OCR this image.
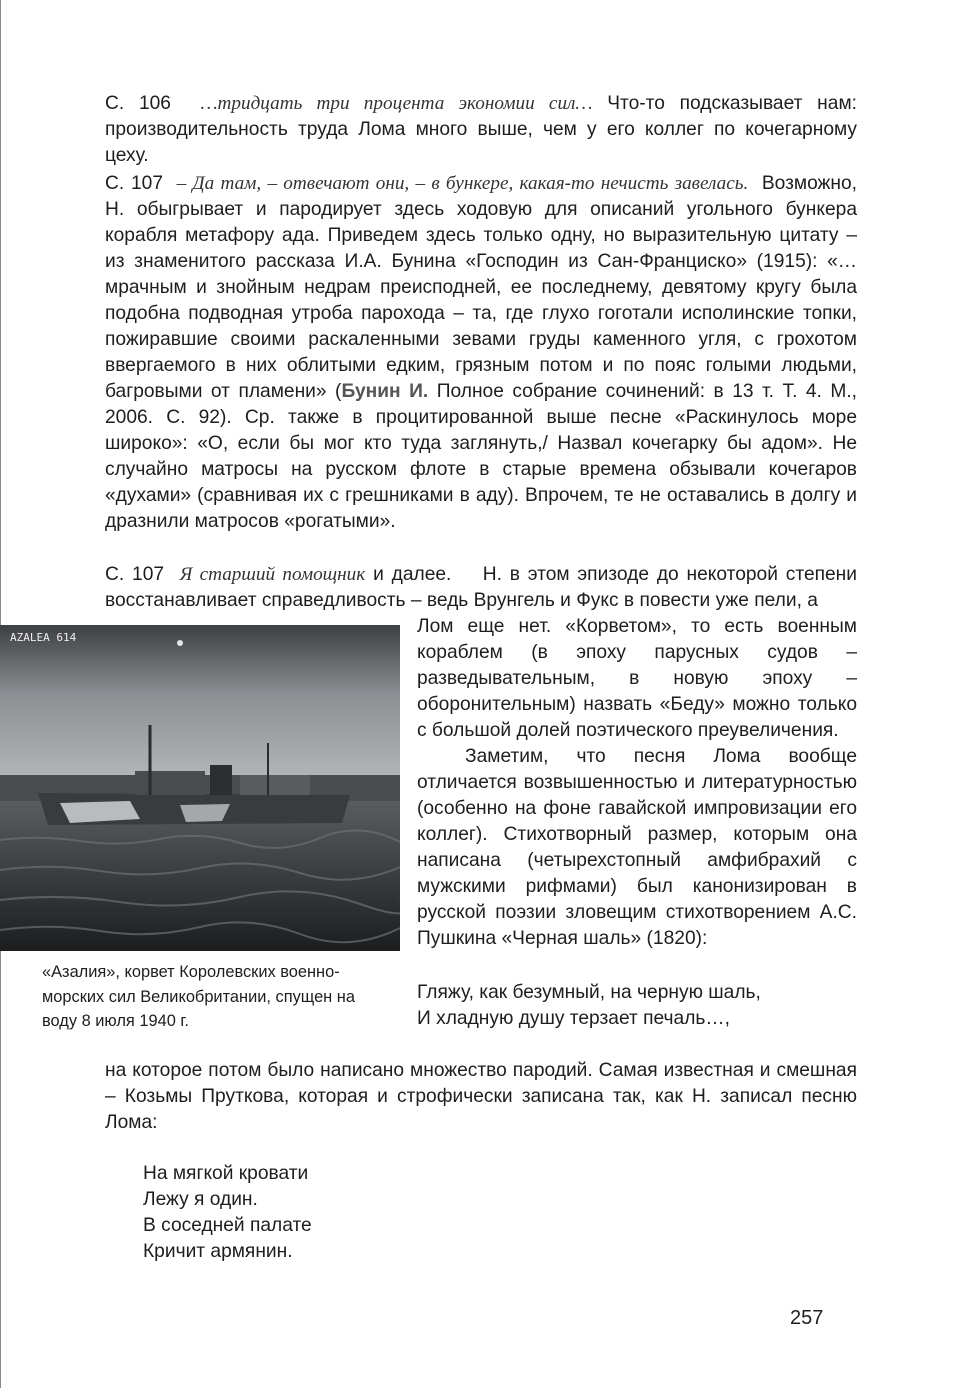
С. 106 …тридцать три процента экономии сил… Что-то подсказывает нам: производительность труда Лома много выше, чем у его коллег по кочегарному цеху.

С. 107 – Да там, – отвечают они, – в бункере, какая-то нечисть завелась. Возможно, Н. обыгрывает и пародирует здесь ходовую для описаний угольного бункера корабля метафору ада. Приведем здесь только одну, но выразительную цитату – из знаменитого рассказа И.А. Бунина «Господин из Сан-Франциско» (1915): «…мрачным и знойным недрам преисподней, ее последнему, девятому кругу была подобна подводная утроба парохода – та, где глухо гоготали исполинские топки, пожиравшие своими раскаленными зевами груды каменного угля, с грохотом ввергаемого в них облитыми едким, грязным потом и по пояс голыми людьми, багровыми от пламени» (Бунин И. Полное собрание сочинений: в 13 т. Т. 4. М., 2006. С. 92). Ср. также в процитированной выше песне «Раскинулось море широко»: «О, если бы мог кто туда заглянуть,/ Назвал кочегарку бы адом». Не случайно матросы на русском флоте в старые времена обзывали кочегаров «духами» (сравнивая их с грешниками в аду). Впрочем, те не оставались в долгу и дразнили матросов «рогатыми».

С. 107 Я старший помощник и далее. Н. в этом эпизоде до некоторой степени восстанавливает справедливость – ведь Врунгель и Фукс в повести уже пели, а

AZALEA 614

Лом еще нет. «Корветом», то есть военным кораблем (в эпоху парусных судов – разведывательным, в новую эпоху – оборонительным) назвать «Беду» можно только с большой долей поэтического преувеличения.

Заметим, что песня Лома вообще отличается возвышенностью и литературностью (особенно на фоне гавайской импровизации его коллег). Стихотворный размер, которым она написана (четырехстопный амфибрахий с мужскими рифмами) был канонизирован в русской поэзии зловещим стихотворением А.С. Пушкина «Черная шаль» (1820):

«Азалия», корвет Королевских военно-морских сил Великобритании, спущен на воду 8 июля 1940 г.

Гляжу, как безумный, на черную шаль,
И хладную душу терзает печаль…,

на которое потом было написано множество пародий. Самая известная и смешная – Козьмы Пруткова, которая и строфически записана так, как Н. записал песню Лома:

На мягкой кровати
Лежу я один.
В соседней палате
Кричит армянин.
257
